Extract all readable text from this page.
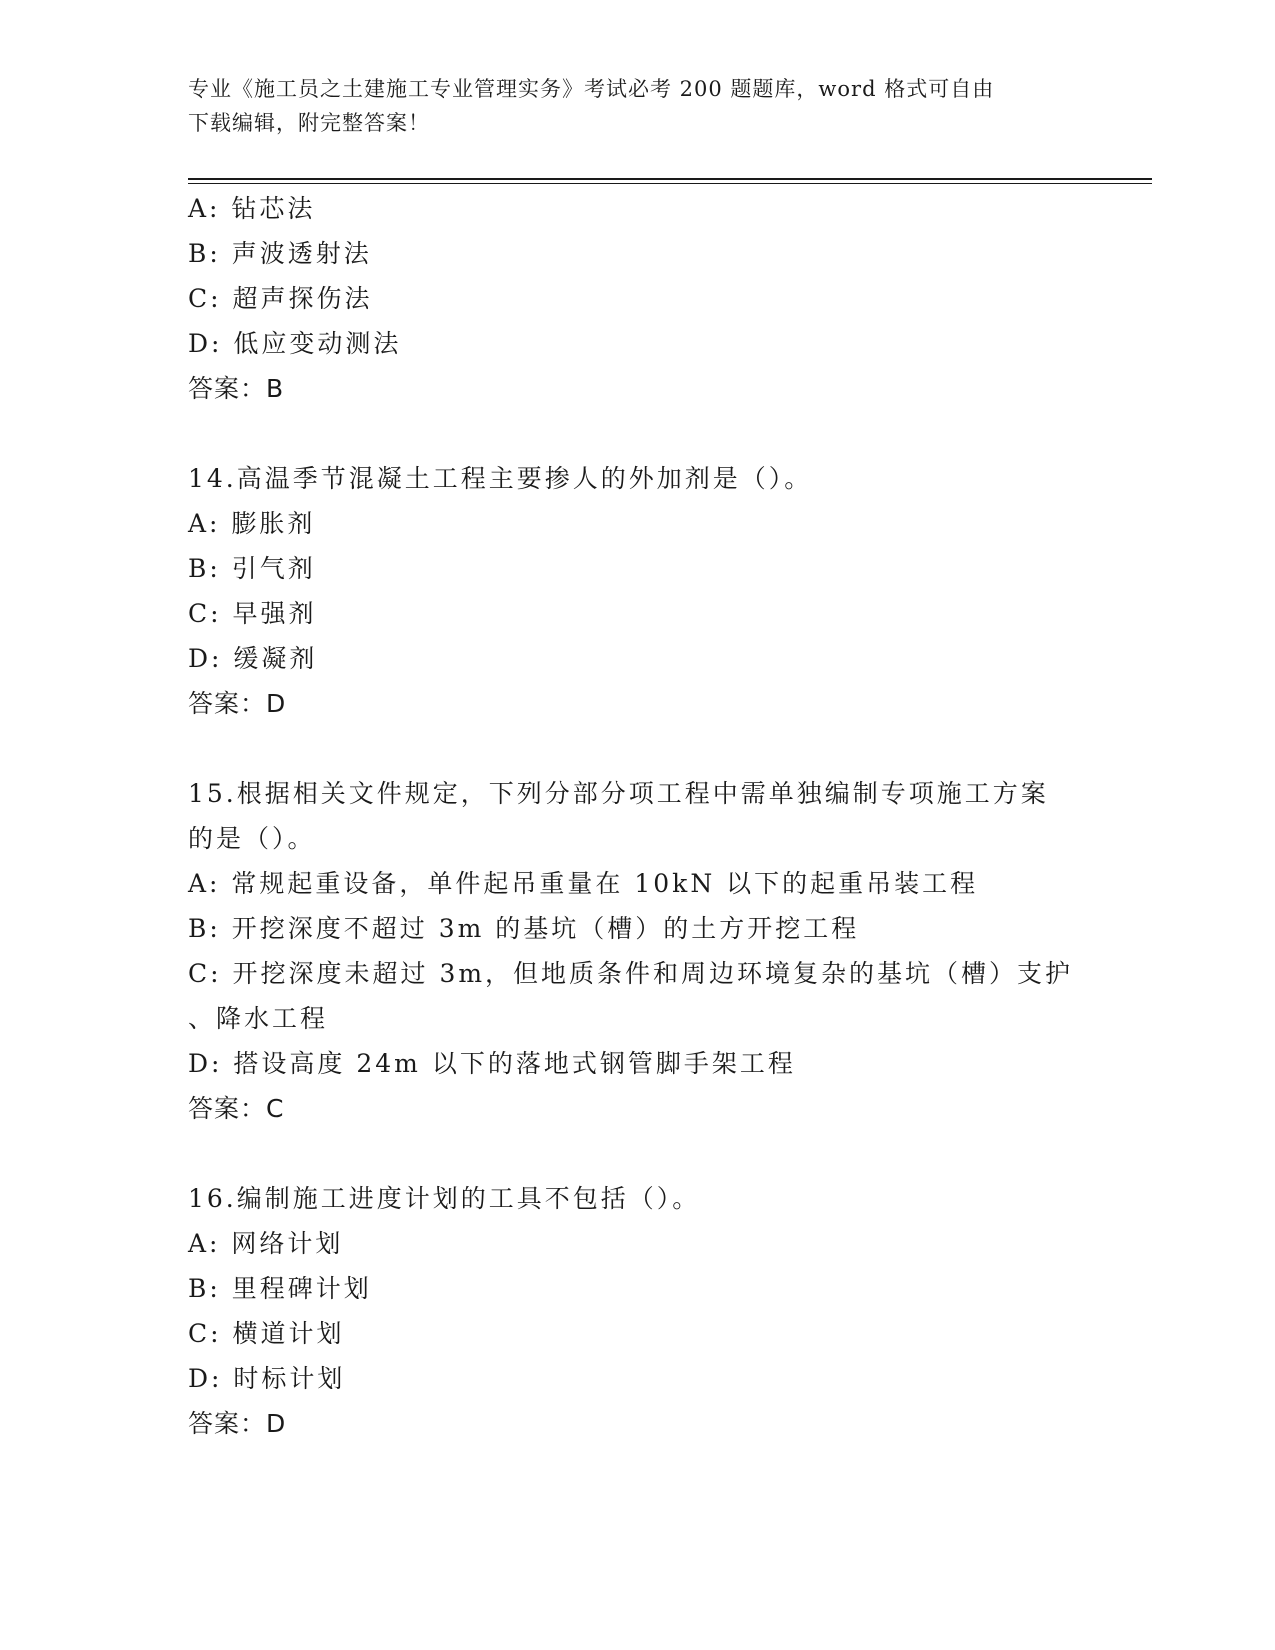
专业《施工员之土建施工专业管理实务》考试必考 200 题题库，word 格式可自由
下载编辑，附完整答案！
A: 钻芯法
B: 声波透射法
C: 超声探伤法
D: 低应变动测法
答案：B
14.高温季节混凝土工程主要掺人的外加剂是（）。
A: 膨胀剂
B: 引气剂
C: 早强剂
D: 缓凝剂
答案：D
15.根据相关文件规定，下列分部分项工程中需单独编制专项施工方案
的是（）。
A: 常规起重设备，单件起吊重量在 10kN 以下的起重吊装工程
B: 开挖深度不超过 3m 的基坑（槽）的土方开挖工程
C: 开挖深度未超过 3m，但地质条件和周边环境复杂的基坑（槽）支护
、降水工程
D: 搭设高度 24m 以下的落地式钢管脚手架工程
答案：C
16.编制施工进度计划的工具不包括（）。
A: 网络计划
B: 里程碑计划
C: 横道计划
D: 时标计划
答案：D
